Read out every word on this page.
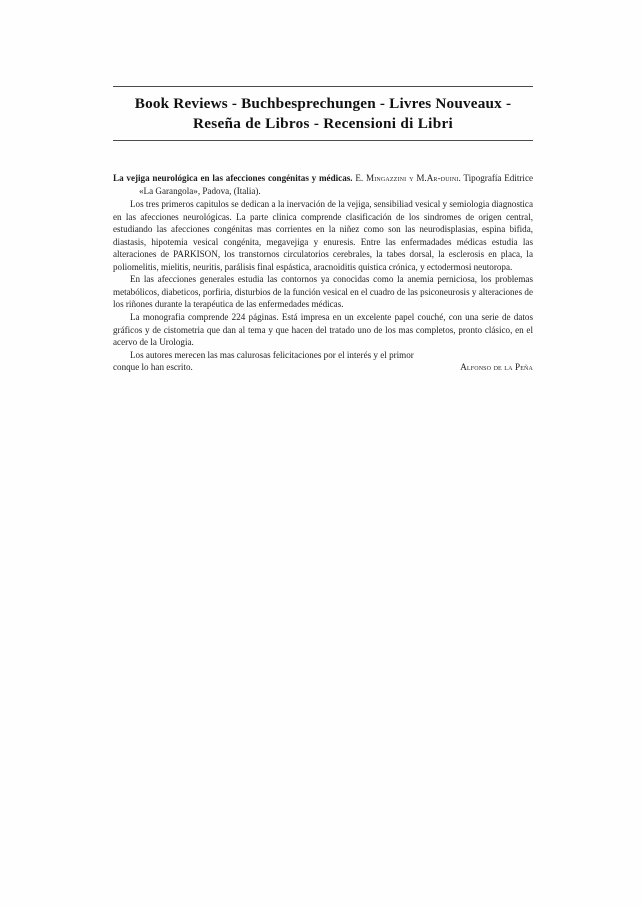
Book Reviews - Buchbesprechungen - Livres Nouveaux -
Reseña de Libros - Recensioni di Libri
La vejiga neurológica en las afecciones congénitas y médicas. E. Mingazzini y M.Ar-duini. Tipografía Editrice «La Garangola», Padova, (Italia).

Los tres primeros capitulos se dedican a la inervación de la vejiga, sensibiliad vesical y semiologia diagnostica en las afecciones neurológicas. La parte clinica comprende clasificación de los sindromes de origen central, estudiando las afecciones congénitas mas corrientes en la niñez como son las neurodisplasias, espina bifida, diastasis, hipotemia vesical congénita, megavejiga y enuresis. Entre las enfermadades médicas estudia las alteraciones de PARKISON, los transtornos circulatorios cerebrales, la tabes dorsal, la esclerosis en placa, la poliomelitis, mielitis, neuritis, parálisis final espástica, aracnoiditis quistica crónica, y ectodermosi neutoropa.

En las afecciones generales estudia las contornos ya conocidas como la anemia perniciosa, los problemas metabólicos, diabeticos, porfiria, disturbios de la función vesical en el cuadro de las psiconeurosis y alteraciones de los riñones durante la terapéutica de las enfermedades médicas.

La monografia comprende 224 páginas. Está impresa en un excelente papel couché, con una serie de datos gráficos y de cistometria que dan al tema y que hacen del tratado uno de los mas completos, pronto clásico, en el acervo de la Urologia.

Los autores merecen las mas calurosas felicitaciones por el interés y el primor

conque lo han escrito.	Alfonso de la Peña
